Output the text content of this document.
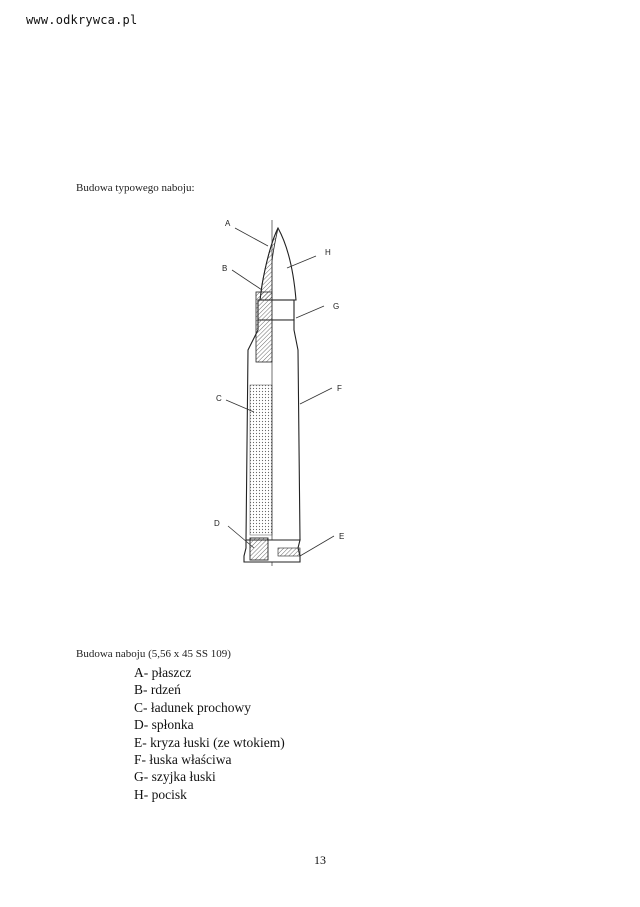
www.odkrywca.pl
Budowa typowego naboju:
A
H
B
G
C
F
D
E
Budowa naboju (5,56 x 45 SS 109)
A- płaszcz
B- rdzeń
C- ładunek prochowy
D- spłonka
E- kryza łuski (ze wtokiem)
F- łuska właściwa
G- szyjka łuski
H- pocisk
13
